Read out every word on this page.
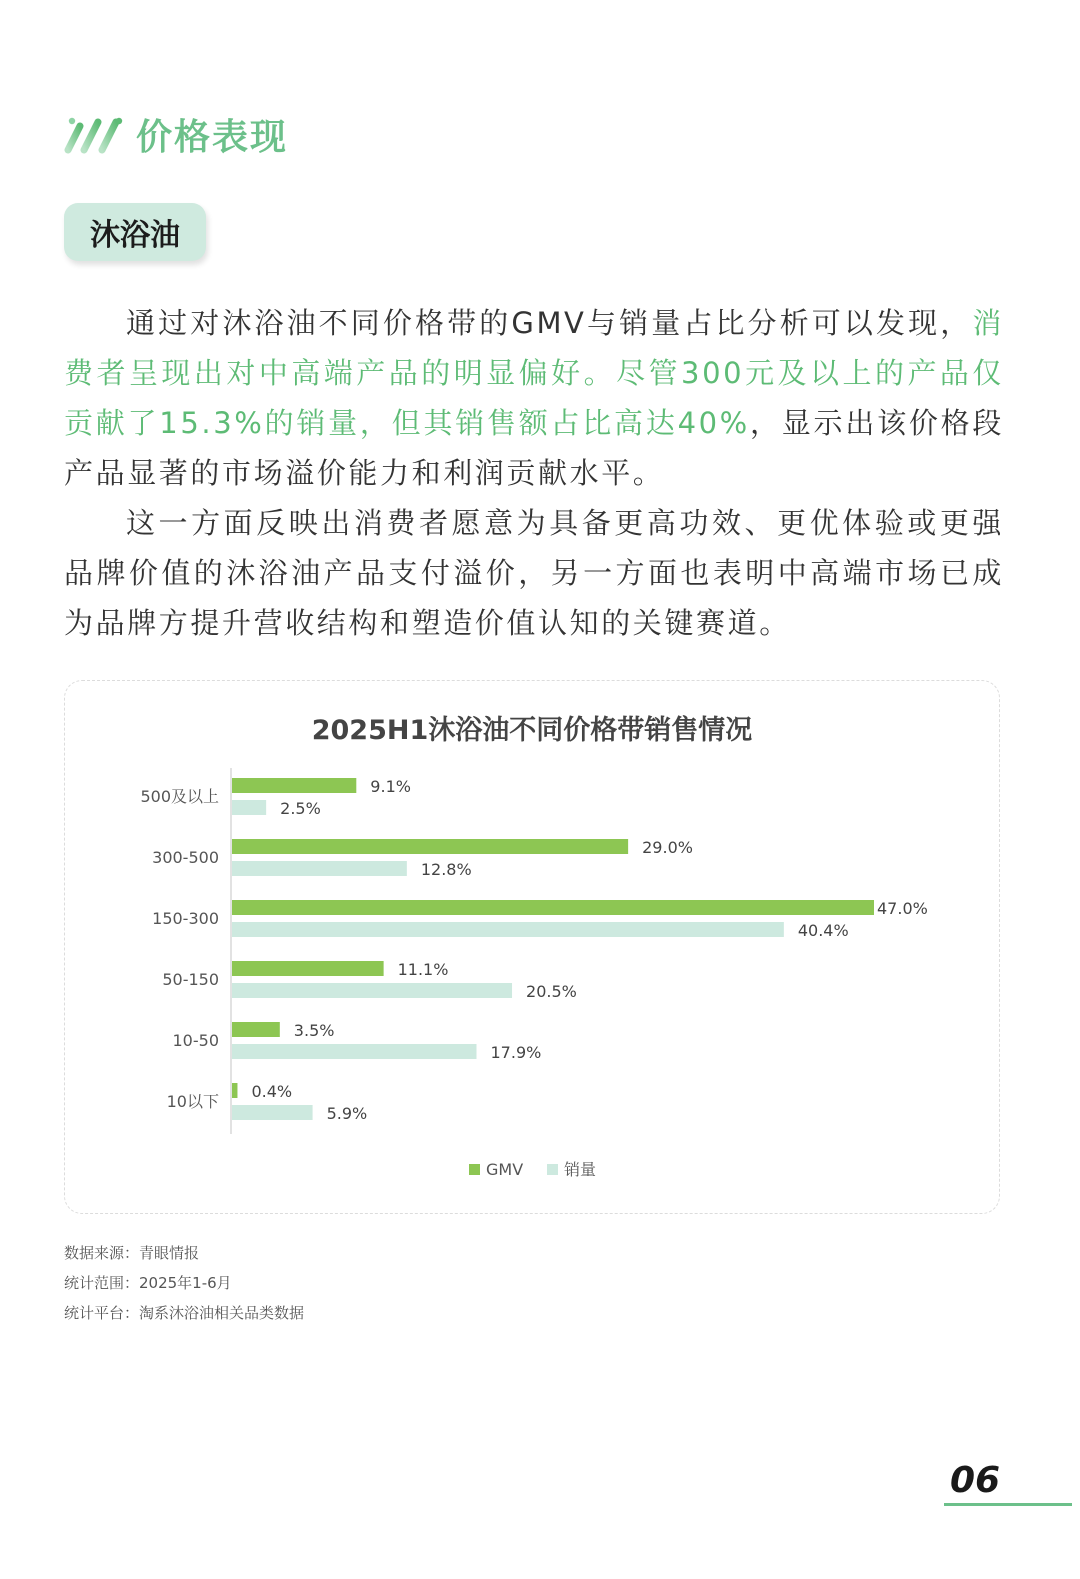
价格表现
沐浴油

通过对沐浴油不同价格带的GMV与销量占比分析可以发现，消费者呈现出对中高端产品的明显偏好。尽管300元及以上的产品仅贡献了15.3%的销量，但其销售额占比高达40%，显示出该价格段产品显著的市场溢价能力和利润贡献水平。

这一方面反映出消费者愿意为具备更高功效、更优体验或更强品牌价值的沐浴油产品支付溢价，另一方面也表明中高端市场已成为品牌方提升营收结构和塑造价值认知的关键赛道。

2025H1沐浴油不同价格带销售情况
500及以上
9.1%
2.5%
300-500
29.0%
12.8%
150-300
47.0%
40.4%
50-150
11.1%
20.5%
10-50
3.5%
17.9%
10以下
0.4%
5.9%
GMV	销量
数据来源：青眼情报
统计范围：2025年1-6月
统计平台：淘系沐浴油相关品类数据
06
